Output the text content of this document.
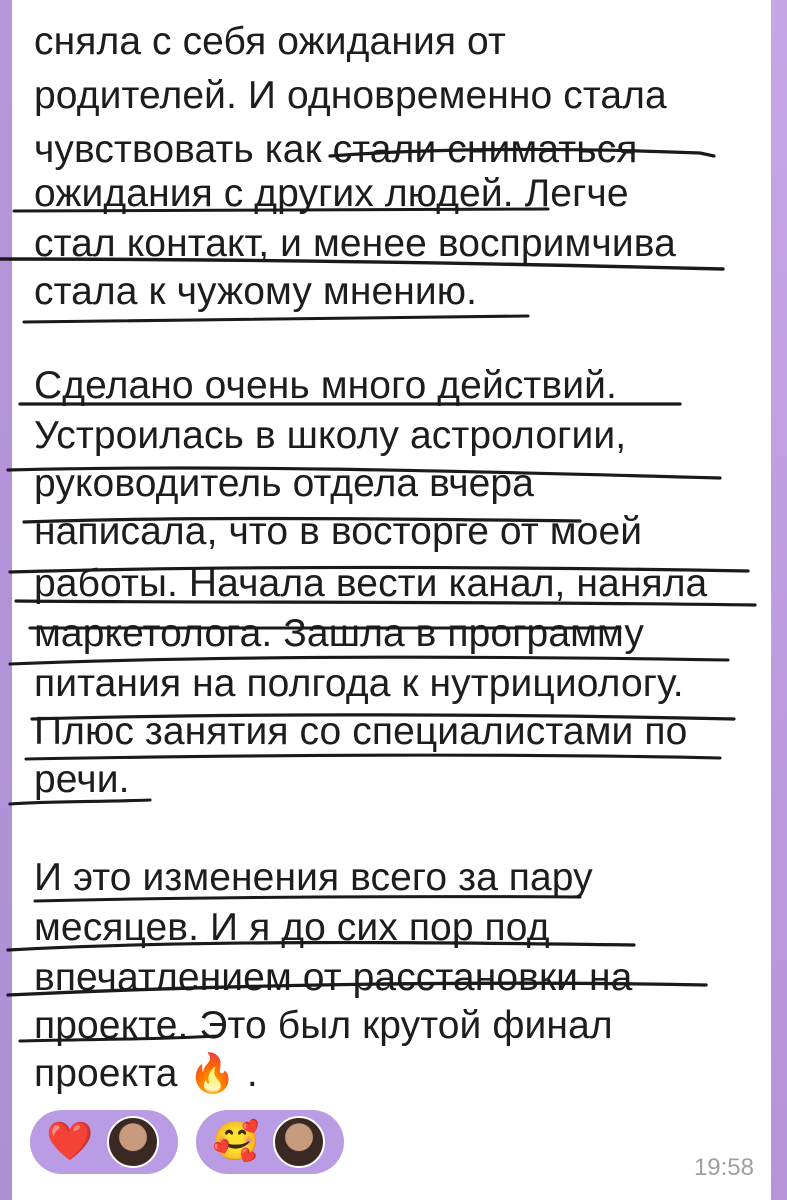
сняла с себя ожидания от
родителей. И одновременно стала
чувствовать как стали сниматься
ожидания с других людей. Легче
стал контакт, и менее воспримчива
стала к чужому мнению.
Сделано очень много действий.
Устроилась в школу астрологии,
руководитель отдела вчера
написала, что в восторге от моей
работы. Начала вести канал, наняла
маркетолога. Зашла в программу
питания на полгода к нутрициологу.
Плюс занятия со специалистами по
речи.
И это изменения всего за пару
месяцев. И я до сих пор под
впечатлением от расстановки на
проекте. Это был крутой финал
проекта 🔥 .
❤️	🥰
19:58
